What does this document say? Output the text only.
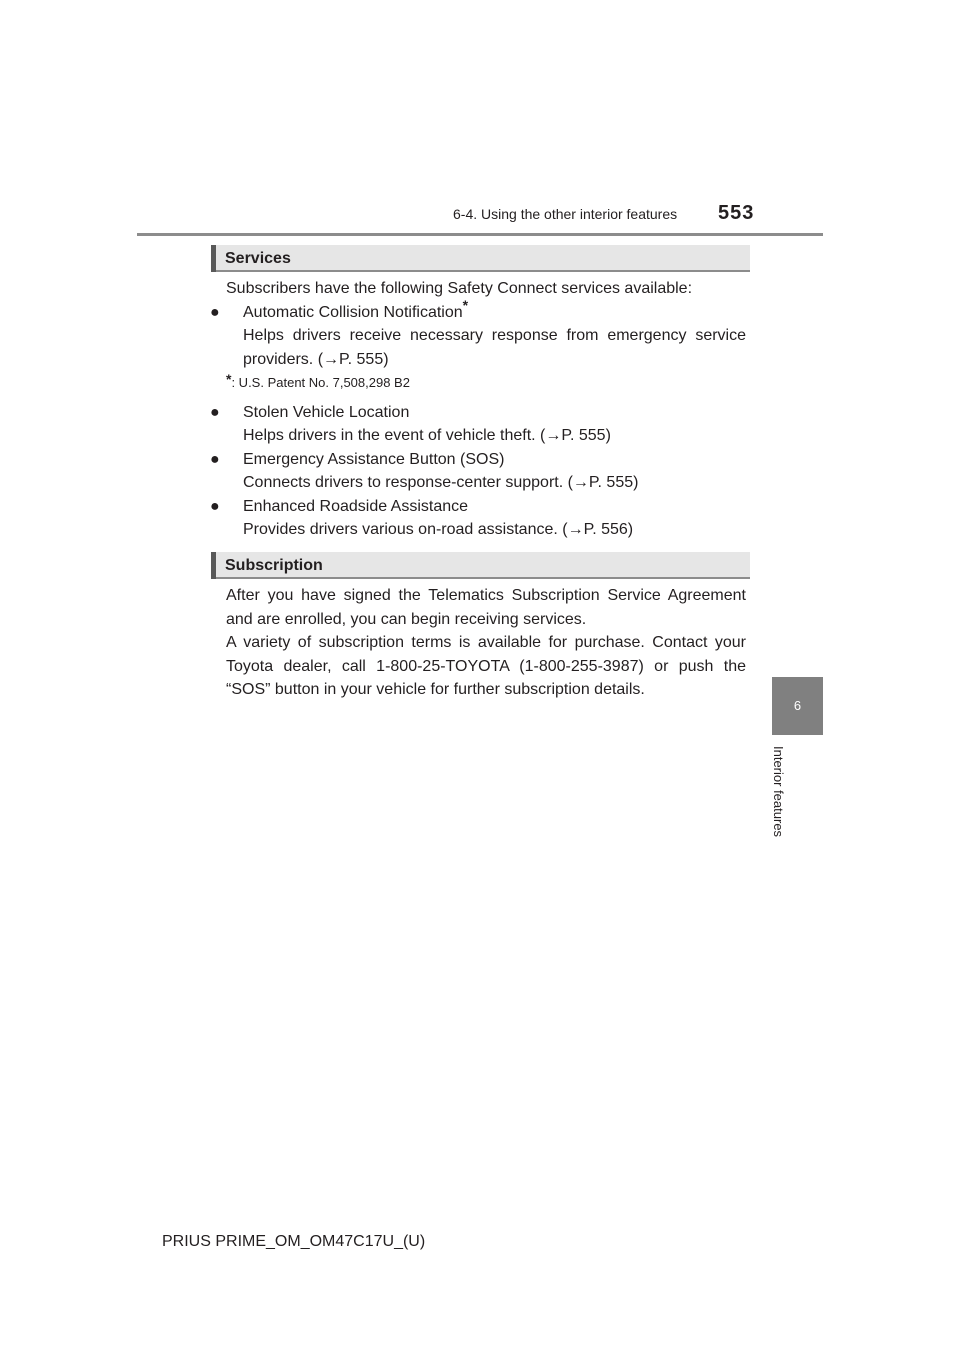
6-4. Using the other interior features 553
6
Interior features
Services
Subscribers have the following Safety Connect services available:
● Automatic Collision Notification*
Helps drivers receive necessary response from emergency service providers. (→P. 555)
*: U.S. Patent No. 7,508,298 B2
● Stolen Vehicle Location
Helps drivers in the event of vehicle theft. (→P. 555)
● Emergency Assistance Button (SOS)
Connects drivers to response-center support. (→P. 555)
● Enhanced Roadside Assistance
Provides drivers various on-road assistance. (→P. 556)
Subscription
After you have signed the Telematics Subscription Service Agreement and are enrolled, you can begin receiving services.
A variety of subscription terms is available for purchase. Contact your Toyota dealer, call 1-800-25-TOYOTA (1-800-255-3987) or push the “SOS” button in your vehicle for further subscription details.
PRIUS PRIME_OM_OM47C17U_(U)
